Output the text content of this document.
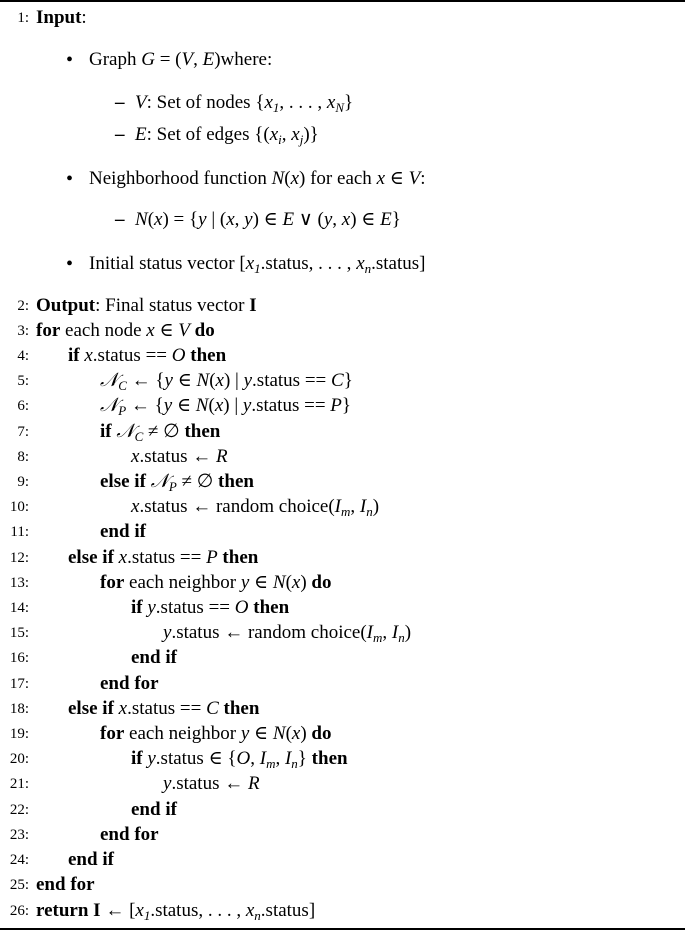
1: Input:
• Graph G = (V, E)where:
– V: Set of nodes {$x_1$, . . . , $x_N$}
– E: Set of edges {($x_i$, $x_j$)}
• Neighborhood function N(x) for each x ∈ V:
– N(x) = {y | (x, y) ∈ E ∨ (y, x) ∈ E}
• Initial status vector [$x_1.status$, . . . , $x_n.status$]
2: Output: Final status vector I
3: for each node x ∈ V do
4: if x.status == O then
5:	𝒩$_C$ ← {y ∈ N(x) | y.status == C}
6:	𝒩$_P$ ← {y ∈ N(x) | y.status == P}
7:	if 𝒩$_C$ ≠ ∅ then
8:	x.status ← R
9:	else if 𝒩$_P$ ≠ ∅ then
10:	x.status ← random $choice(I_m$, $I_n$)
11:	end if
12: else if x.status == P then
13:	for each neighbor y ∈ N(x) do
14:	if y.status == O then
15:	y.status ← random $choice(I_m$, $I_n$)
16:	end if
17:	end for
18: else if x.status == C then
19:	for each neighbor y ∈ N(x) do
20:	if y.status ∈ {O, $I_m$, $I_n$} then
21:	y.status ← R
22:	end if
23:	end for
24: end if
25: end for
26: return I ← [$x_1.status$, . . . , $x_n.status$]
